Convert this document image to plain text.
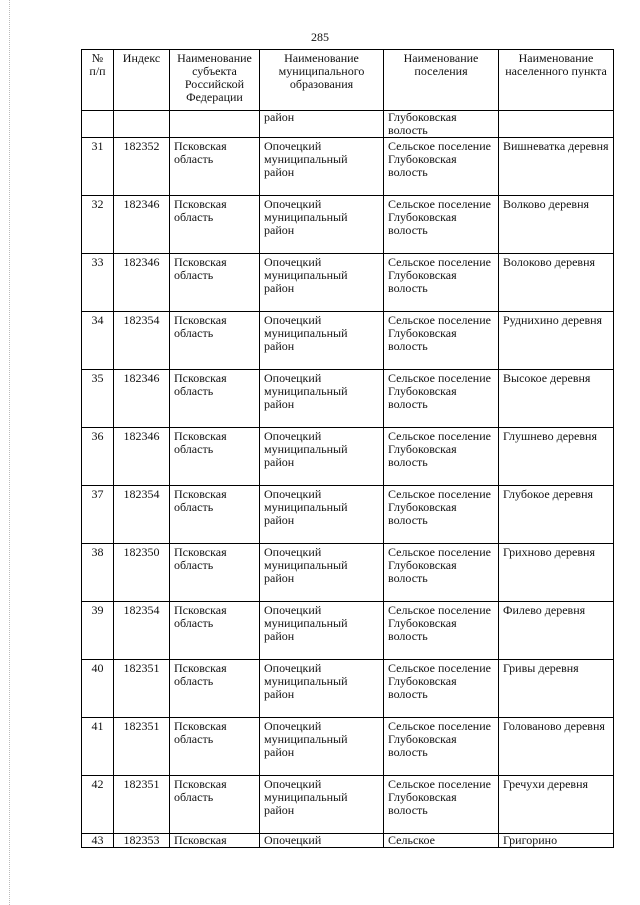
285
№ п/п	Индекс	Наименование субъекта Российской Федерации	Наименование муниципального образования	Наименование поселения	Наименование населенного пункта
			район	Глубоковская волость	
31	182352	Псковская область	Опочецкий муниципальный район	Сельское поселение Глубоковская волость	Вишневатка деревня
32	182346	Псковская область	Опочецкий муниципальный район	Сельское поселение Глубоковская волость	Волково деревня
33	182346	Псковская область	Опочецкий муниципальный район	Сельское поселение Глубоковская волость	Волоково деревня
34	182354	Псковская область	Опочецкий муниципальный район	Сельское поселение Глубоковская волость	Руднихино деревня
35	182346	Псковская область	Опочецкий муниципальный район	Сельское поселение Глубоковская волость	Высокое деревня
36	182346	Псковская область	Опочецкий муниципальный район	Сельское поселение Глубоковская волость	Глушнево деревня
37	182354	Псковская область	Опочецкий муниципальный район	Сельское поселение Глубоковская волость	Глубокое деревня
38	182350	Псковская область	Опочецкий муниципальный район	Сельское поселение Глубоковская волость	Грихново деревня
39	182354	Псковская область	Опочецкий муниципальный район	Сельское поселение Глубоковская волость	Филево деревня
40	182351	Псковская область	Опочецкий муниципальный район	Сельское поселение Глубоковская волость	Гривы деревня
41	182351	Псковская область	Опочецкий муниципальный район	Сельское поселение Глубоковская волость	Голованово деревня
42	182351	Псковская область	Опочецкий муниципальный район	Сельское поселение Глубоковская волость	Гречухи деревня
43	182353	Псковская	Опочецкий	Сельское	Григорино
